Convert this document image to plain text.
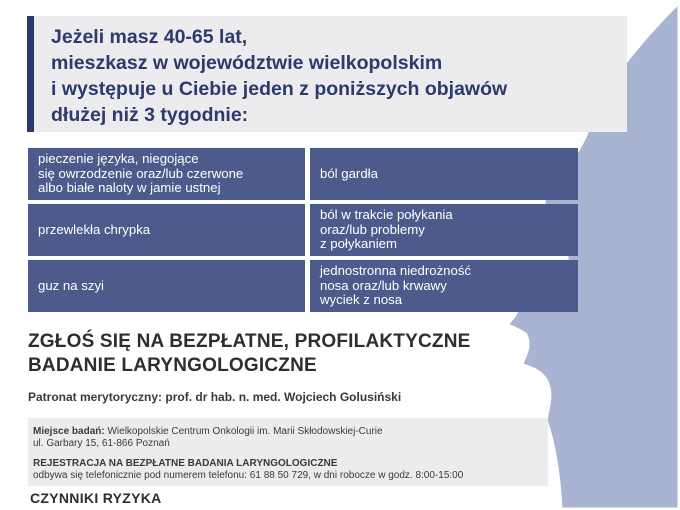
Jeżeli masz 40-65 lat,
mieszkasz w województwie wielkopolskim
i występuje u Ciebie jeden z poniższych objawów
dłużej niż 3 tygodnie:
pieczenie języka, niegojące
się owrzodzenie oraz/lub czerwone
albo białe naloty w jamie ustnej
ból gardła
przewlekła chrypka
ból w trakcie połykania
oraz/lub problemy
z połykaniem
guz na szyi
jednostronna niedrożność
nosa oraz/lub krwawy
wyciek z nosa
ZGŁOŚ SIĘ NA BEZPŁATNE, PROFILAKTYCZNE
BADANIE LARYNGOLOGICZNE
Patronat merytoryczny: prof. dr hab. n. med. Wojciech Golusiński
Miejsce badań: Wielkopolskie Centrum Onkologii im. Marii Skłodowskiej-Curie
ul. Garbary 15, 61-866 Poznań
REJESTRACJA NA BEZPŁATNE BADANIA LARYNGOLOGICZNE
odbywa się telefonicznie pod numerem telefonu: 61 88 50 729, w dni robocze w godz. 8:00-15:00
CZYNNIKI RYZYKA
